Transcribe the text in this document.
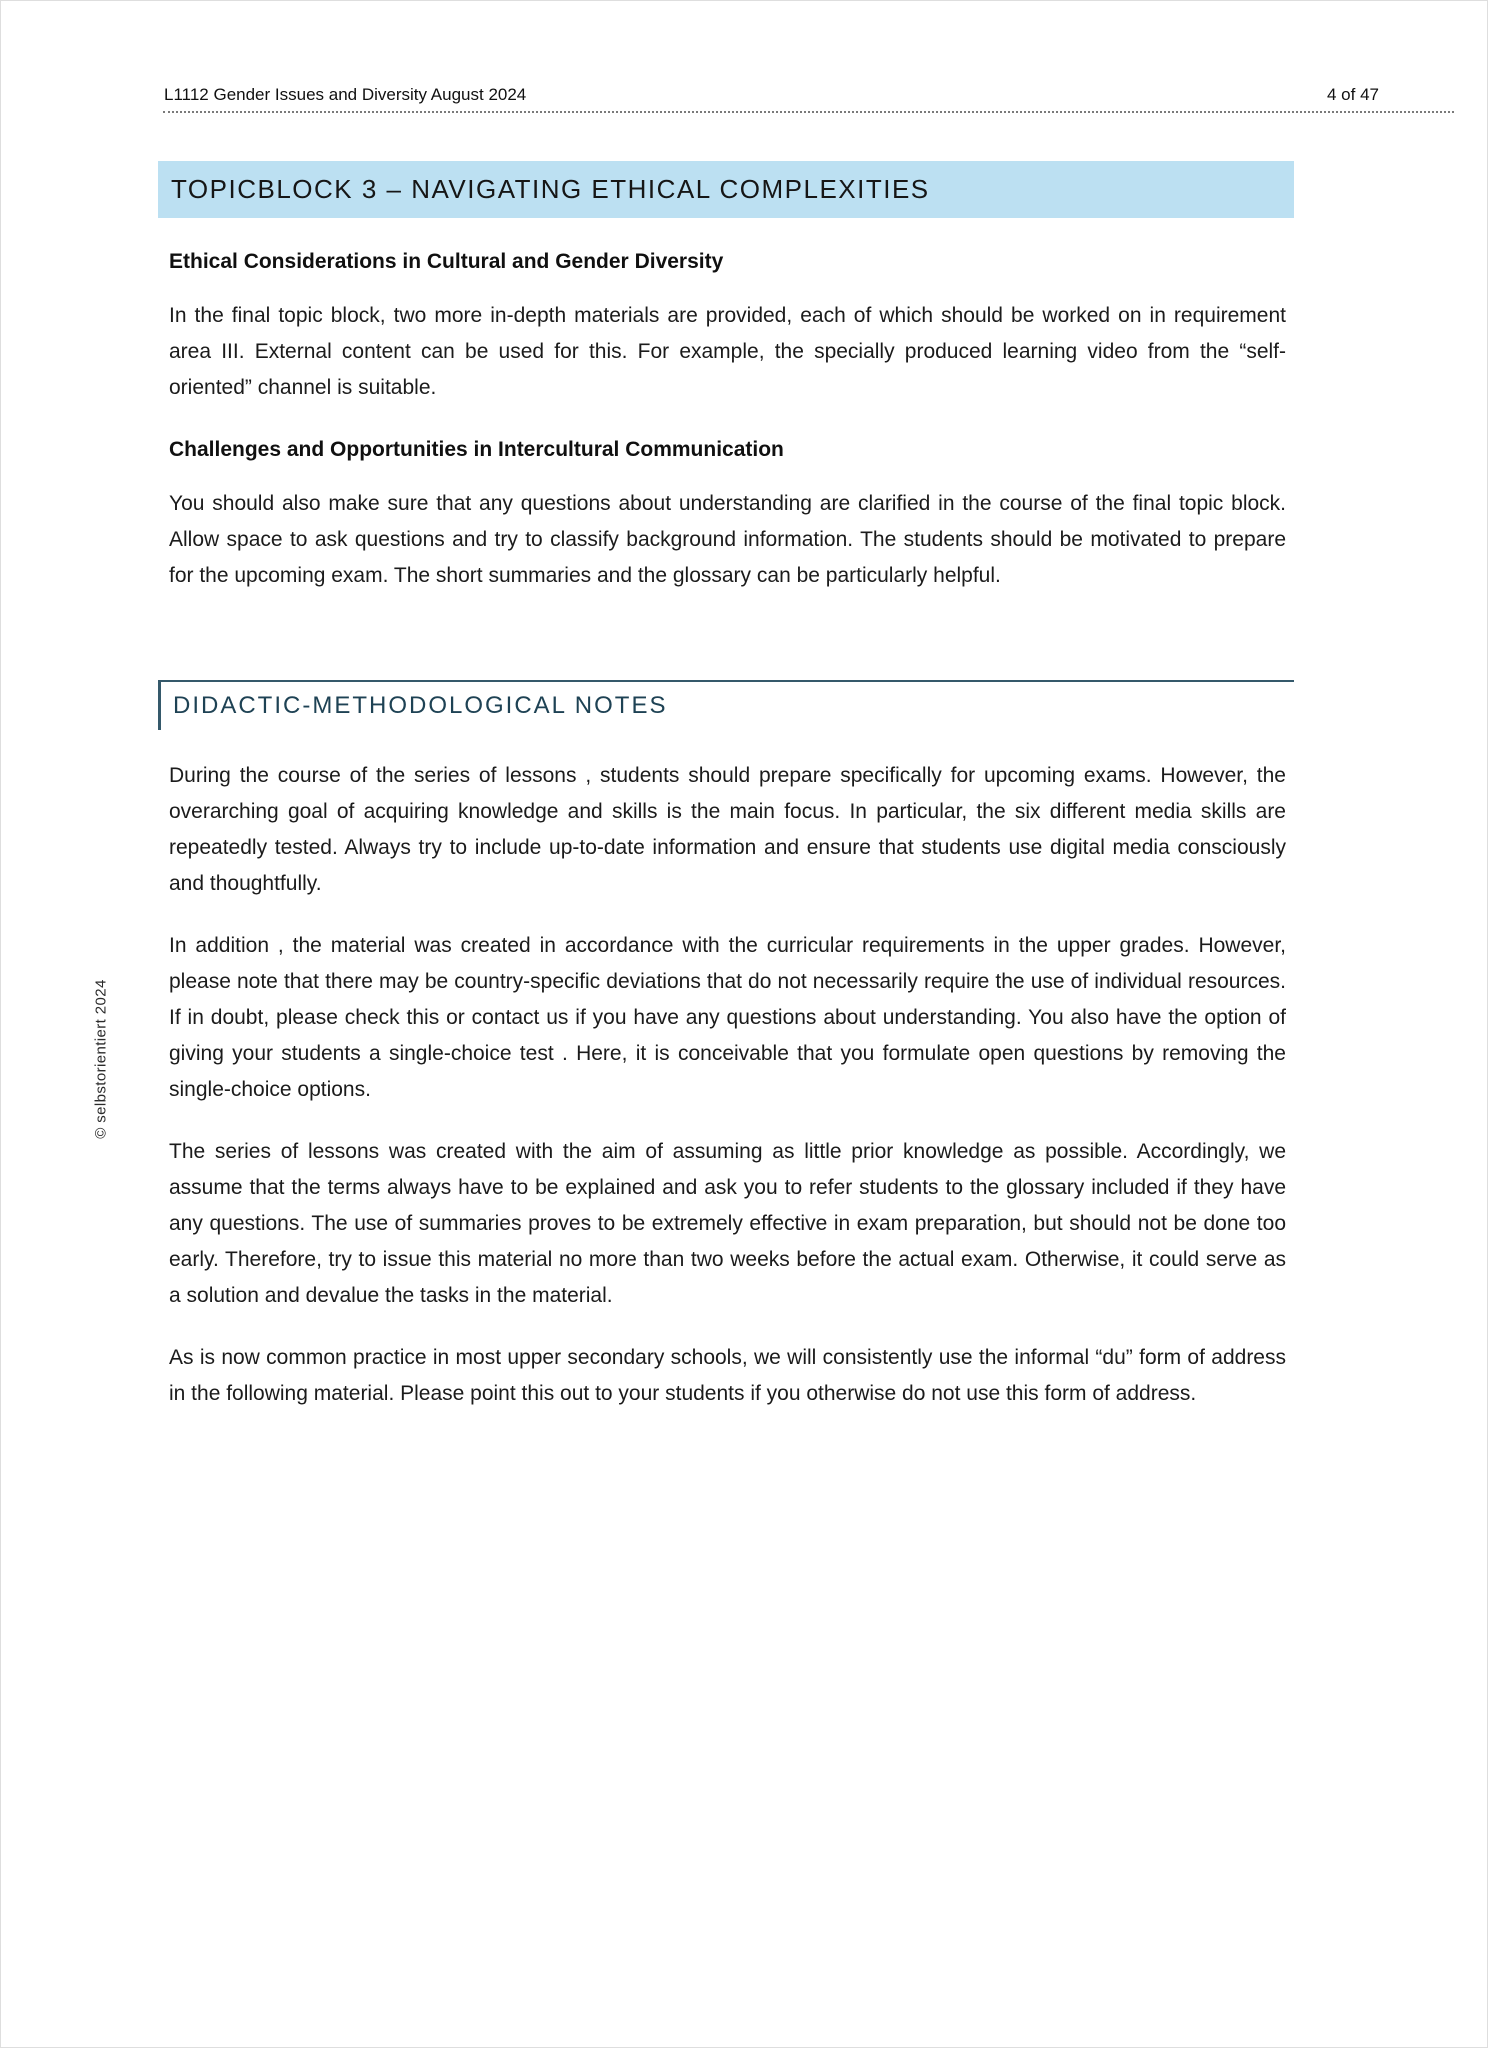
L1112 Gender Issues and Diversity August 2024	4 of 47
© selbstorientiert 2024
TOPICBLOCK 3 – NAVIGATING ETHICAL COMPLEXITIES
Ethical Considerations in Cultural and Gender Diversity

In the final topic block, two more in-depth materials are provided, each of which should be worked on in requirement area III. External content can be used for this. For example, the specially produced learning video from the “self-oriented” channel is suitable.

Challenges and Opportunities in Intercultural Communication

You should also make sure that any questions about understanding are clarified in the course of the final topic block. Allow space to ask questions and try to classify background information. The students should be motivated to prepare for the upcoming exam. The short summaries and the glossary can be particularly helpful.

DIDACTIC-METHODOLOGICAL NOTES

During the course of the series of lessons , students should prepare specifically for upcoming exams. However, the overarching goal of acquiring knowledge and skills is the main focus. In particular, the six different media skills are repeatedly tested. Always try to include up-to-date information and ensure that students use digital media consciously and thoughtfully.

In addition , the material was created in accordance with the curricular requirements in the upper grades. However, please note that there may be country-specific deviations that do not necessarily require the use of individual resources. If in doubt, please check this or contact us if you have any questions about understanding. You also have the option of giving your students a single-choice test . Here, it is conceivable that you formulate open questions by removing the single-choice options.

The series of lessons was created with the aim of assuming as little prior knowledge as possible. Accordingly, we assume that the terms always have to be explained and ask you to refer students to the glossary included if they have any questions. The use of summaries proves to be extremely effective in exam preparation, but should not be done too early. Therefore, try to issue this material no more than two weeks before the actual exam. Otherwise, it could serve as a solution and devalue the tasks in the material.

As is now common practice in most upper secondary schools, we will consistently use the informal “du” form of address in the following material. Please point this out to your students if you otherwise do not use this form of address.
